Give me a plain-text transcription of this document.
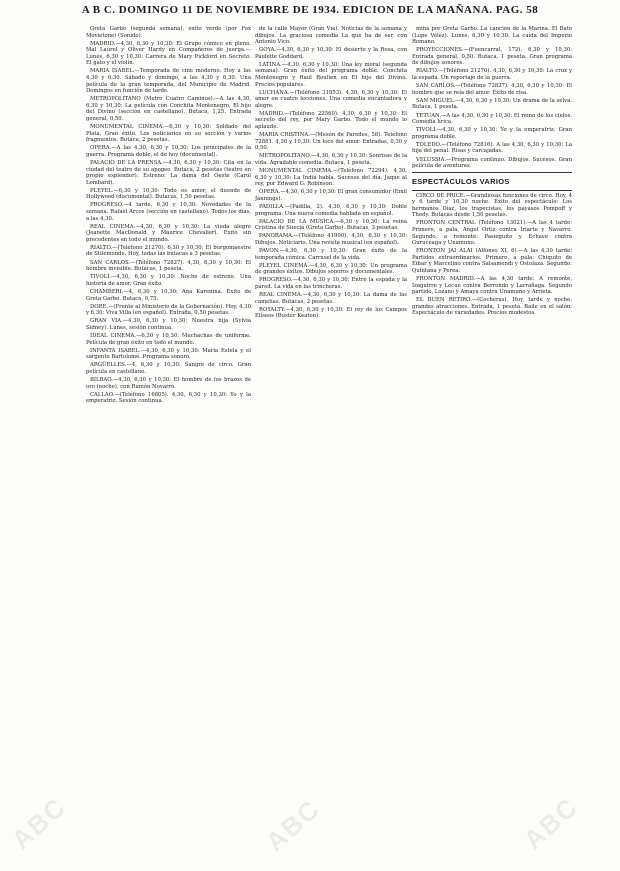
A B C. DOMINGO 11 DE NOVIEMBRE DE 1934. EDICION DE LA MAÑANA. PAG. 58

Greta Garbo (segunda semana), éxito verde (por Fox Movietone) (Sonido).

MADRID.—4,30, 6,30 y 10,30: El Grupo cómico en pleno. Mal Laurel y Oliver Hardy en Compañeros de juerga.—Lunes, 6,30 y 10,30: Carrera de Mary Pickford en Secreto. El gato y el violín.

MARIA ISABEL.—Temporada de cine moderno. Hoy a las 4,30 y 6,30. Sábado y domingo, a las 4,30 y 6,30. Una película de la gran temporada, del Municipio de Madrid. Domingos en función de tarde.

METROPOLITANO (Metro Cuatro Caminos).—A las 4,30, 6,30 y 10,30: La película con Conchita Montenegro, El hijo del Divino (sección en castellano). Butaca, 1,25. Entrada general, 0,50.

MONUMENTAL CINEMA.—6,30 y 10,30: Soldado del Plata. Gran éxito. Los noticiarios en su sección y varios fragmentos. Butaca, 2 pesetas.

OPERA.—A las 4,30, 6,30 y 10,30: Los principales de la guerra. Programa doble, el de hoy (documental).

PALACIO DE LA PRENSA.—4,30, 6,30 y 10,30: Cita en la ciudad del teatro de su apogeo. Butaca, 2 pesetas (teatro en propio esplendor). Estreno: La dama del Oeste (Carol Lombard).

PLEYEL.—6,30 y 10,30: Todo es amor, el duende de Hollywood (documental). Butacas, 1,50 pesetas.

PROGRESO.—4 tarde, 6,30 y 10,30: Novedades de la semana. Rafael Arcos (sección en castellano). Todos los días, a las 4,30.

REAL CINEMA.—4,30, 6,30 y 10,30: La viuda alegre (Jeanette MacDonald y Maurice Chevalier). Éxito sin precedentes en todo el mundo.

RIALTO.—(Teléfono 21270). 6,30 y 10,30: El burgomaestre de Stilemonde. Hoy, todas las butacas a 3 pesetas.

SAN CARLOS.—(Teléfono 72827). 4,30, 6,30 y 10,30: El hombre invisible. Butacas, 1 peseta.

TIVOLI.—4,30, 6,30 y 10,30: Noche de estreno. Una historia de amor. Gran éxito.

CHAMBERI.—4, 6,30 y 10,30: Ana Karenina. Éxito de Greta Garbo. Butaca, 0,75.

DORE.—(Frente al Ministerio de la Gobernación). Hoy, 4,30 y 6,30: Viva Villa (en español). Entrada, 0,50 pesetas.

GRAN VIA.—4,30, 6,30 y 10,30: Nuestra hija (Sylvia Sidney). Lunes, sesión continua.

IDEAL CINEMA.—6,30 y 10,30: Muchachas de uniforme. Película de gran éxito en todo el mundo.

INFANTA ISABEL.—4,30, 6,30 y 10,30: Maria Estela y el sargento Bartolomé. Programa sonoro.

ARGÜELLES.—4, 6,30 y 10,30: Sangre de circo. Gran película en castellano.

BILBAO.—4,30, 6,30 y 10,30: El hombre de los brazos de oro (noche), con Ramón Novarro.

CALLAO.—(Teléfono 16805). 4,30, 6,30 y 10,30: Yo y la emperatriz. Sesión continua.

de la calle Mayor (Gran Vía). Noticias de la semana y dibujos. La graciosa comedia La que ha de ser, con Antonio Vico.

GOYA.—4,30, 6,30 y 10,30: El desierto y la Rosa, con Paulette Goddard.

LATINA.—4,30, 6,30 y 10,30: Una ley moral (segunda semana). Gran éxito del programa doble. Conchita Montenegro y Raul Roulien en El hijo del Divino. Precios populares.

LUCHANA.—(Teléfono 31853). 4,30, 6,30 y 10,30: El amor en cuatro lecciones. Una comedia encantadora y alegre.

MADRID.—(Teléfono 22560). 4,30, 6,30 y 10,30: El secreto del rey, por Mary Garbo. Todo el mundo lo aplaude.

MARIA CRISTINA.—(Mesón de Paredes, 58). Teléfono 72881. 4,30 y 10,30: Un loco del amor. Entradas, 0,30 y 0,50.

METROPOLITANO.—4,30, 6,30 y 10,30: Sonrisas de la vida. Agradable comedia. Butaca, 1 peseta.

MONUMENTAL CINEMA.—(Teléfono 72294). 4,30, 6,30 y 10,30: La India habla. Sucesos del día. Jaque al rey, por Edward G. Robinson.

OPERA.—4,30, 6,30 y 10,30: El gran consumidor (Emil Jannings).

PADILLA.—(Padilla, 2). 4,30, 6,30 y 10,30: Doble programa. Una nueva comedia hablada en español.

PALACIO DE LA MUSICA.—6,30 y 10,30: La reina Cristina de Suecia (Greta Garbo). Butacas, 3 pesetas.

PANORAMA.—(Teléfono 41900). 4,30, 6,30 y 10,30: Dibujos. Noticiario. Una revista musical (en español).

PAVON.—4,30, 6,30 y 10,30: Gran éxito de la temporada cómica. Carrusel de la vida.

PLEYEL CINEMA.—4,30, 6,30 y 10,30: Un programa de grandes éxitos. Dibujos sonoros y documentales.

PROGRESO.—4,30, 6,30 y 10,30: Entre la espada y la pared. La vida en las trincheras.

REAL CINEMA.—4,30, 6,30 y 10,30: La dama de las camelias. Butacas, 2 pesetas.

ROYALTY.—4,30, 6,30 y 10,30: El rey de los Campos Elíseos (Buster Keaton).

mina por Greta Garbo. La canción de la Marina. El Bato (Lupe Vélez). Lunes, 6,30 y 10,30: La caída del Imperio Romano.

PROYECCIONES.—(Fuencarral, 172). 6,30 y 10,30: Entrada general, 0,50. Butaca, 1 peseta. Gran programa de dibujos sonoros.

RIALTO.—(Teléfono 21270). 4,30, 6,30 y 10,30: La cruz y la espada. Un reportaje de la guerra.

SAN CARLOS.—(Teléfono 72827). 4,30, 6,30 y 10,30: El hombre que se reía del amor. Éxito de risa.

SAN MIGUEL.—4,30, 6,30 y 10,30: Un drama de la selva. Butaca, 1 peseta.

TETUAN.—A las 4,30, 6,30 y 10,30: El reino de los cielos. Comedia lírica.

TIVOLI.—4,30, 6,30 y 10,30: Yo y la emperatriz. Gran programa doble.

TOLEDO.—(Teléfono 72816). A las 4,30, 6,30 y 10,30: La hija del penal. Risas y carcajadas.

VELUSSIA.—Programa continuo. Dibujos. Sucesos. Gran película de aventuras.

ESPECTÁCULOS VARIOS

CIRCO DE PRICE.—Grandiosas funciones de circo. Hoy, 4 y 6 tarde y 10,30 noche. Éxito del espectáculo: Los hermanos Díaz, los trapecistas, los payasos Pompoff y Thedy. Butacas desde 1,50 pesetas.

FRONTON CENTRAL (Teléfono 13021).—A las 4 tarde: Primero, a pala, Angel Ortiz contra Iriarte y Navarro. Segundo, a remonte: Pasieguito y Echave contra Guruceaga y Unamuno.

FRONTON JAI ALAI (Alfonso XI, 6).—A las 4,30 tarde: Partidos extraordinarios. Primero, a pala: Chiquito de Eibar y Marcelino contra Salsamendi y Ostolaza. Segundo: Quintana y Perea.

FRONTON MADRID.—A las 4,30 tarde: A remonte, Izaguirre y Lecue contra Berrondo y Larrañaga. Segundo partido, Lozano y Amaya contra Unamuno y Arrieta.

EL BUEN RETIRO.—(Cocheras). Hoy, tarde y noche, grandes atracciones. Entrada, 1 peseta. Baile en el salón. Espectáculo de variedades. Precios modestos.

ABC	ABC	ABC
